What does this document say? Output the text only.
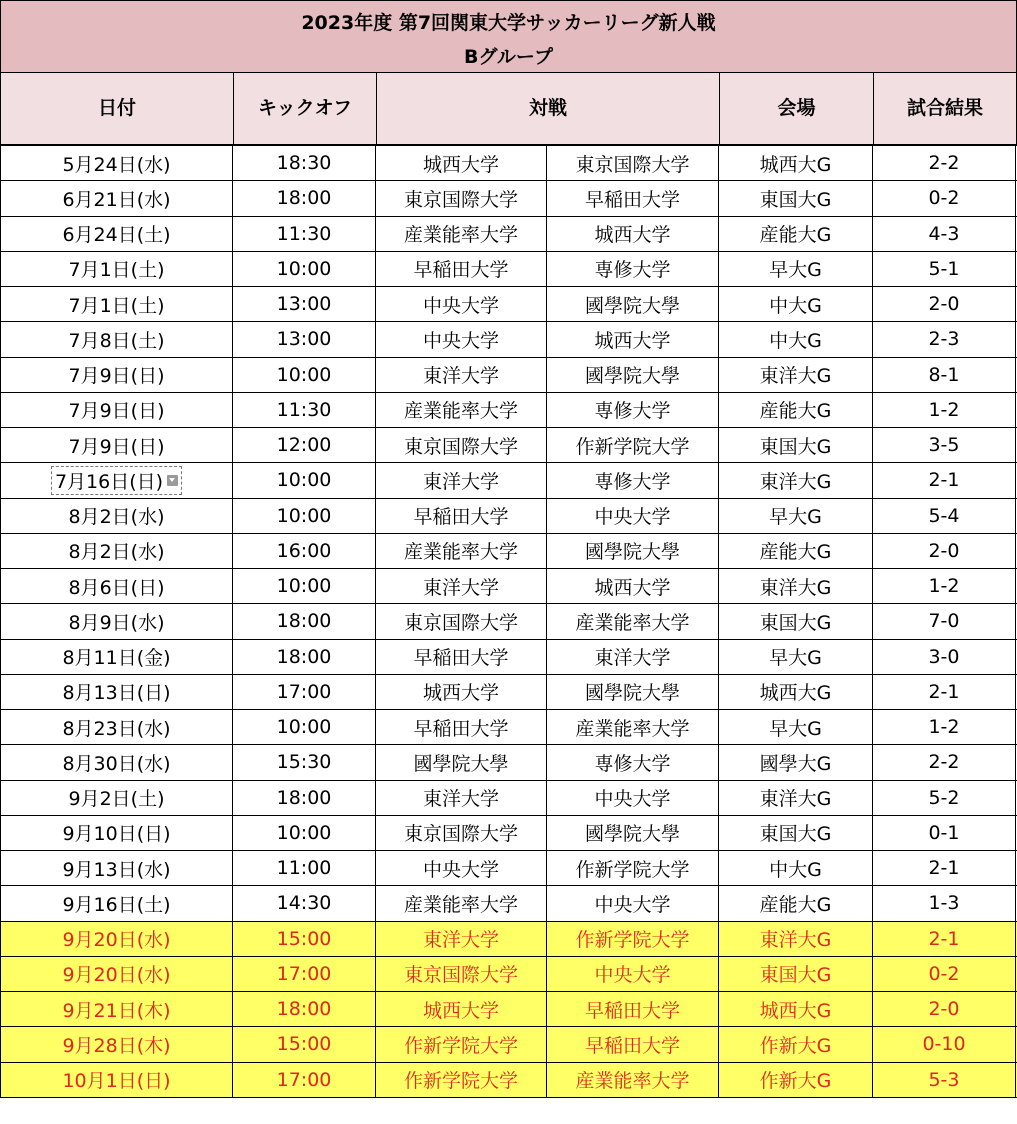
2023年度 第7回関東大学サッカーリーグ新人戦
Bグループ
日付	キックオフ	対戦	会場	試合結果
5月24日(水)	18:30	城西大学	東京国際大学	城西大G	2-2
6月21日(水)	18:00	東京国際大学	早稲田大学	東国大G	0-2
6月24日(土)	11:30	産業能率大学	城西大学	産能大G	4-3
7月1日(土)	10:00	早稲田大学	専修大学	早大G	5-1
7月1日(土)	13:00	中央大学	國學院大學	中大G	2-0
7月8日(土)	13:00	中央大学	城西大学	中大G	2-3
7月9日(日)	10:00	東洋大学	國學院大學	東洋大G	8-1
7月9日(日)	11:30	産業能率大学	専修大学	産能大G	1-2
7月9日(日)	12:00	東京国際大学	作新学院大学	東国大G	3-5
7月16日(日)	10:00	東洋大学	専修大学	東洋大G	2-1
8月2日(水)	10:00	早稲田大学	中央大学	早大G	5-4
8月2日(水)	16:00	産業能率大学	國學院大學	産能大G	2-0
8月6日(日)	10:00	東洋大学	城西大学	東洋大G	1-2
8月9日(水)	18:00	東京国際大学	産業能率大学	東国大G	7-0
8月11日(金)	18:00	早稲田大学	東洋大学	早大G	3-0
8月13日(日)	17:00	城西大学	國學院大學	城西大G	2-1
8月23日(水)	10:00	早稲田大学	産業能率大学	早大G	1-2
8月30日(水)	15:30	國學院大學	専修大学	國學大G	2-2
9月2日(土)	18:00	東洋大学	中央大学	東洋大G	5-2
9月10日(日)	10:00	東京国際大学	國學院大學	東国大G	0-1
9月13日(水)	11:00	中央大学	作新学院大学	中大G	2-1
9月16日(土)	14:30	産業能率大学	中央大学	産能大G	1-3
9月20日(水)	15:00	東洋大学	作新学院大学	東洋大G	2-1
9月20日(水)	17:00	東京国際大学	中央大学	東国大G	0-2
9月21日(木)	18:00	城西大学	早稲田大学	城西大G	2-0
9月28日(木)	15:00	作新学院大学	早稲田大学	作新大G	0-10
10月1日(日)	17:00	作新学院大学	産業能率大学	作新大G	5-3
